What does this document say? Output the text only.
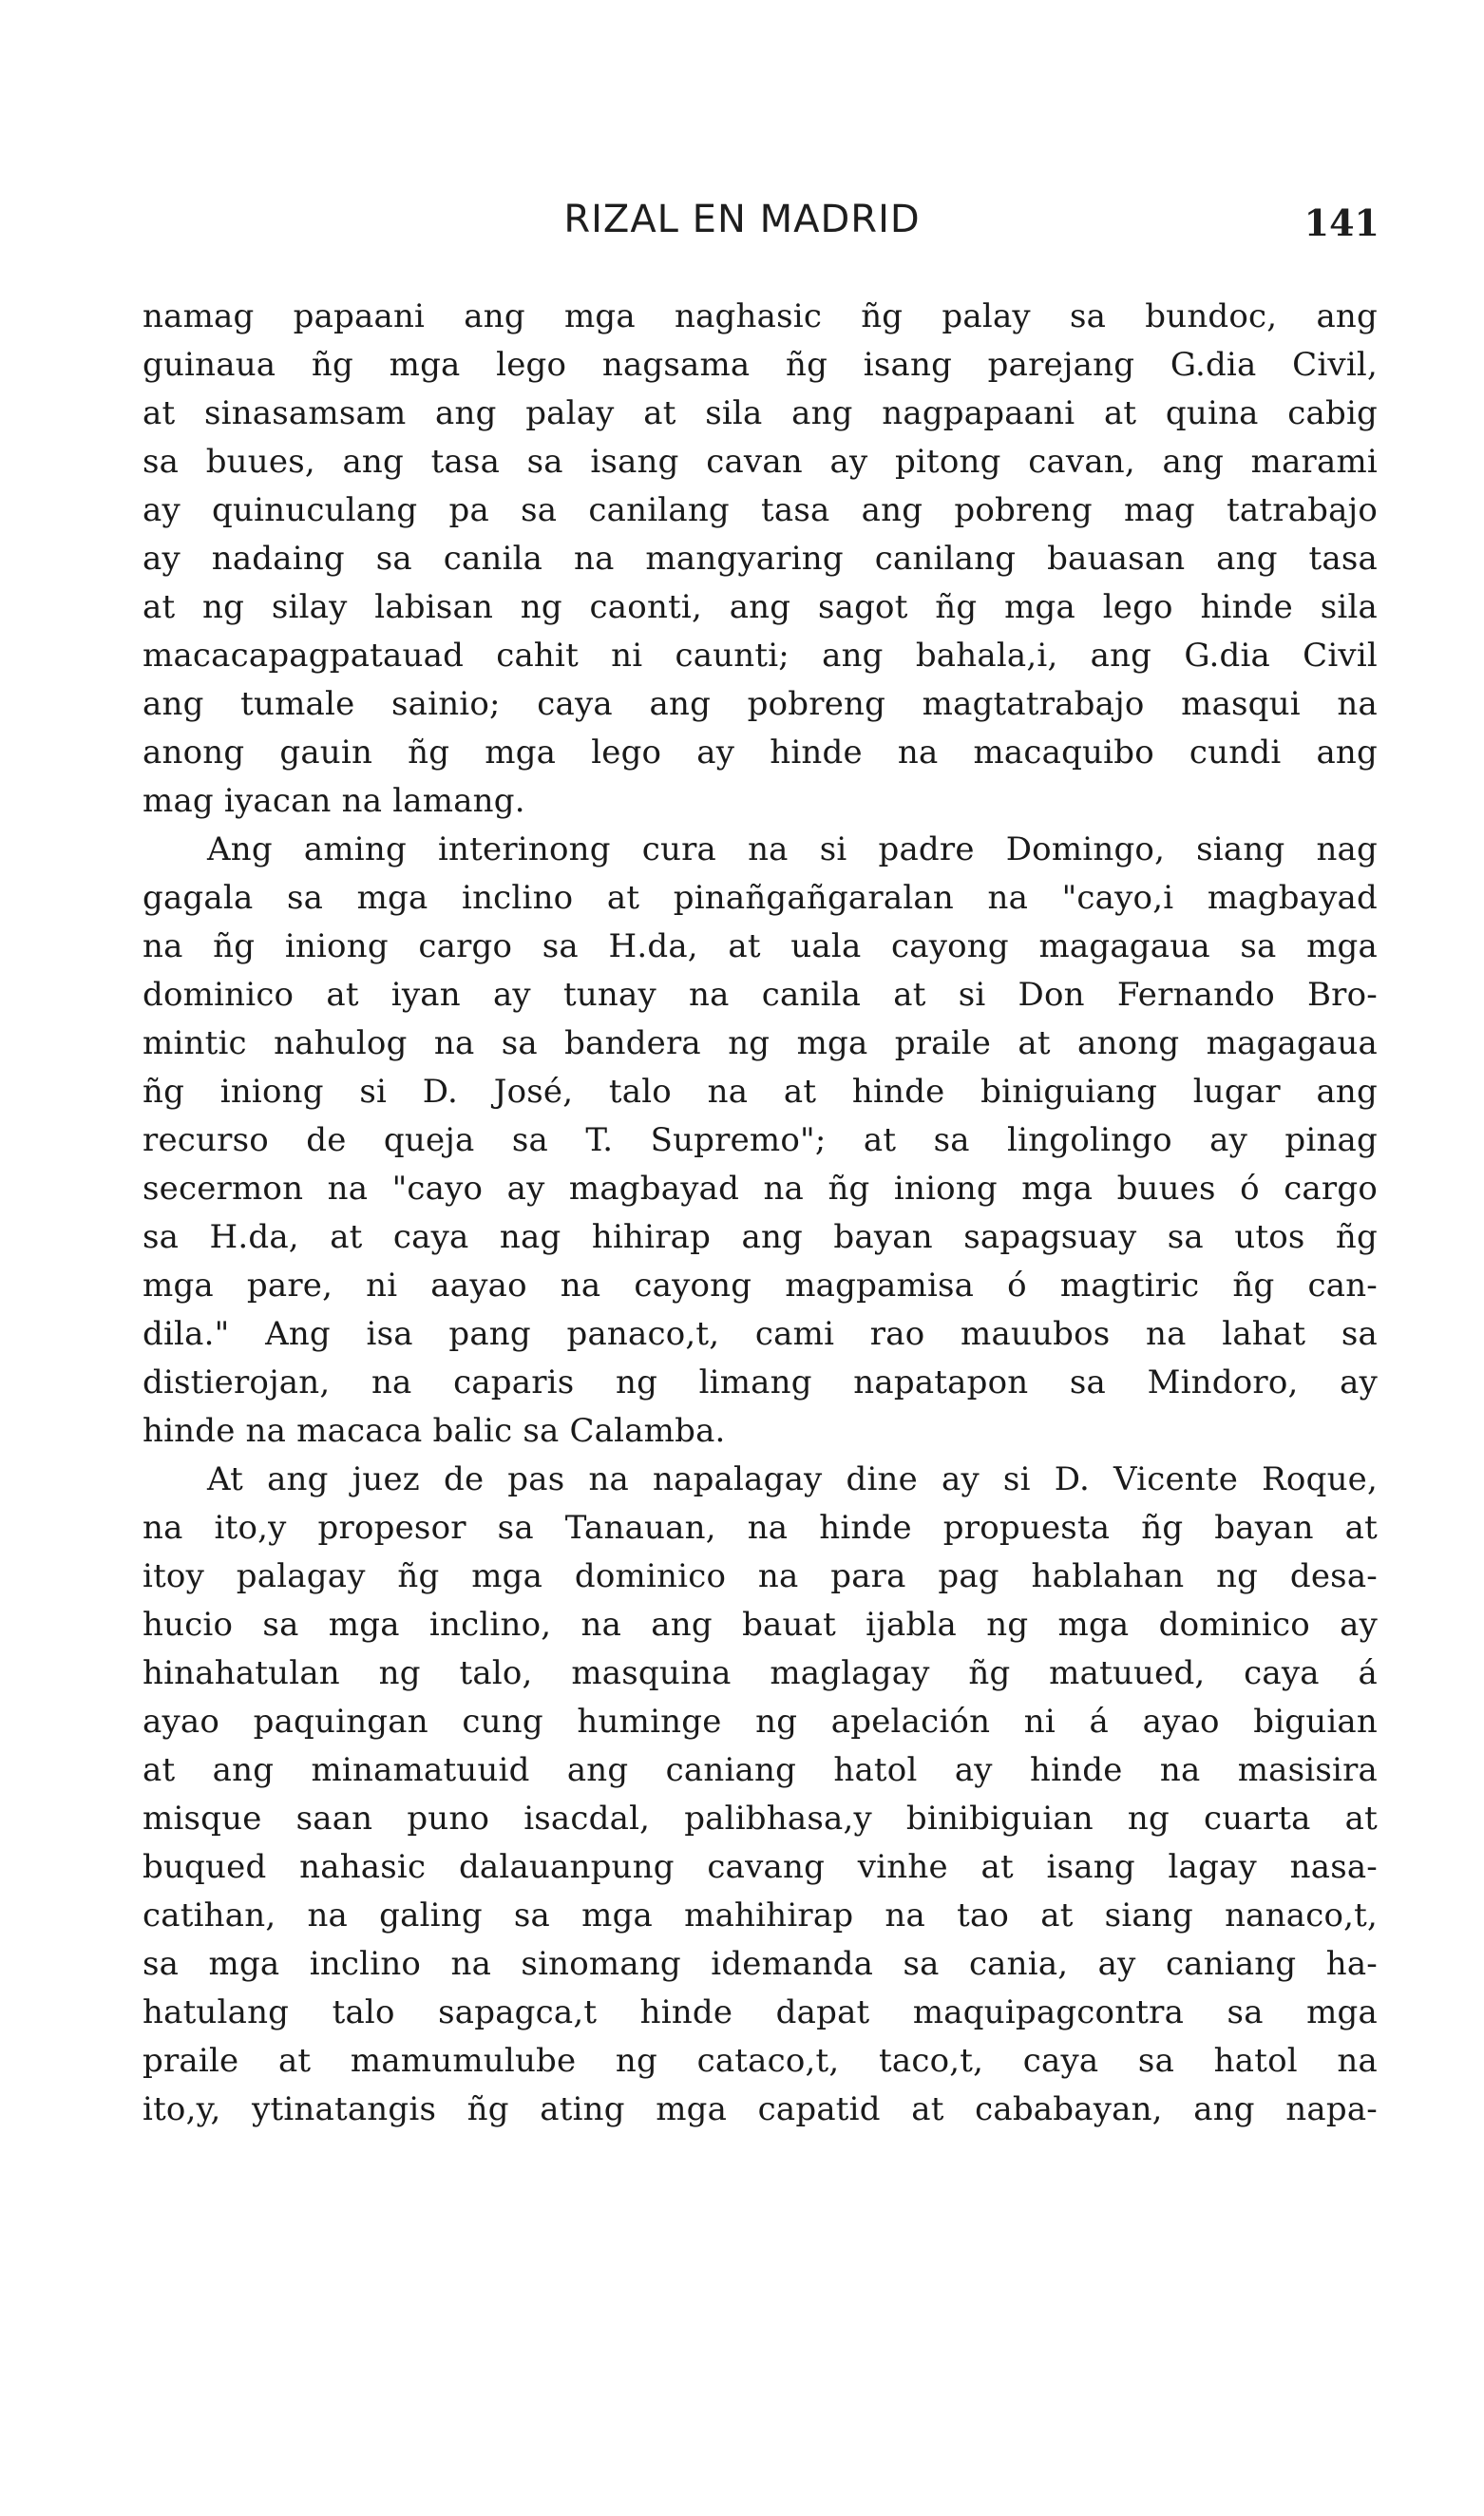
RIZAL EN MADRID	141
namag papaani ang mga naghasic ñg palay sa bundoc, ang
guinaua ñg mga lego nagsama ñg isang parejang G.dia Civil,
at sinasamsam ang palay at sila ang nagpapaani at quina cabig
sa buues, ang tasa sa isang cavan ay pitong cavan, ang marami
ay quinuculang pa sa canilang tasa ang pobreng mag tatrabajo
ay nadaing sa canila na mangyaring canilang bauasan ang tasa
at ng silay labisan ng caonti, ang sagot ñg mga lego hinde sila
macacapagpatauad cahit ni caunti; ang bahala,i, ang G.dia Civil
ang tumale sainio; caya ang pobreng magtatrabajo masqui na
anong gauin ñg mga lego ay hinde na macaquibo cundi ang
mag iyacan na lamang.
Ang aming interinong cura na si padre Domingo, siang nag
gagala sa mga inclino at pinañgañgaralan na "cayo,i magbayad
na ñg iniong cargo sa H.da, at uala cayong magagaua sa mga
dominico at iyan ay tunay na canila at si Don Fernando Bro-
mintic nahulog na sa bandera ng mga praile at anong magagaua
ñg iniong si D. José, talo na at hinde biniguiang lugar ang
recurso de queja sa T. Supremo"; at sa lingolingo ay pinag
secermon na "cayo ay magbayad na ñg iniong mga buues ó cargo
sa H.da, at caya nag hihirap ang bayan sapagsuay sa utos ñg
mga pare, ni aayao na cayong magpamisa ó magtiric ñg can-
dila." Ang isa pang panaco,t, cami rao mauubos na lahat sa
distierojan, na caparis ng limang napatapon sa Mindoro, ay
hinde na macaca balic sa Calamba.
At ang juez de pas na napalagay dine ay si D. Vicente Roque,
na ito,y propesor sa Tanauan, na hinde propuesta ñg bayan at
itoy palagay ñg mga dominico na para pag hablahan ng desa-
hucio sa mga inclino, na ang bauat ijabla ng mga dominico ay
hinahatulan ng talo, masquina maglagay ñg matuued, caya á
ayao paquingan cung huminge ng apelación ni á ayao biguian
at ang minamatuuid ang caniang hatol ay hinde na masisira
misque saan puno isacdal, palibhasa,y binibiguian ng cuarta at
buqued nahasic dalauanpung cavang vinhe at isang lagay nasa-
catihan, na galing sa mga mahihirap na tao at siang nanaco,t,
sa mga inclino na sinomang idemanda sa cania, ay caniang ha-
hatulang talo sapagca,t hinde dapat maquipagcontra sa mga
praile at mamumulube ng cataco,t, taco,t, caya sa hatol na
ito,y, ytinatangis ñg ating mga capatid at cababayan, ang napa-
